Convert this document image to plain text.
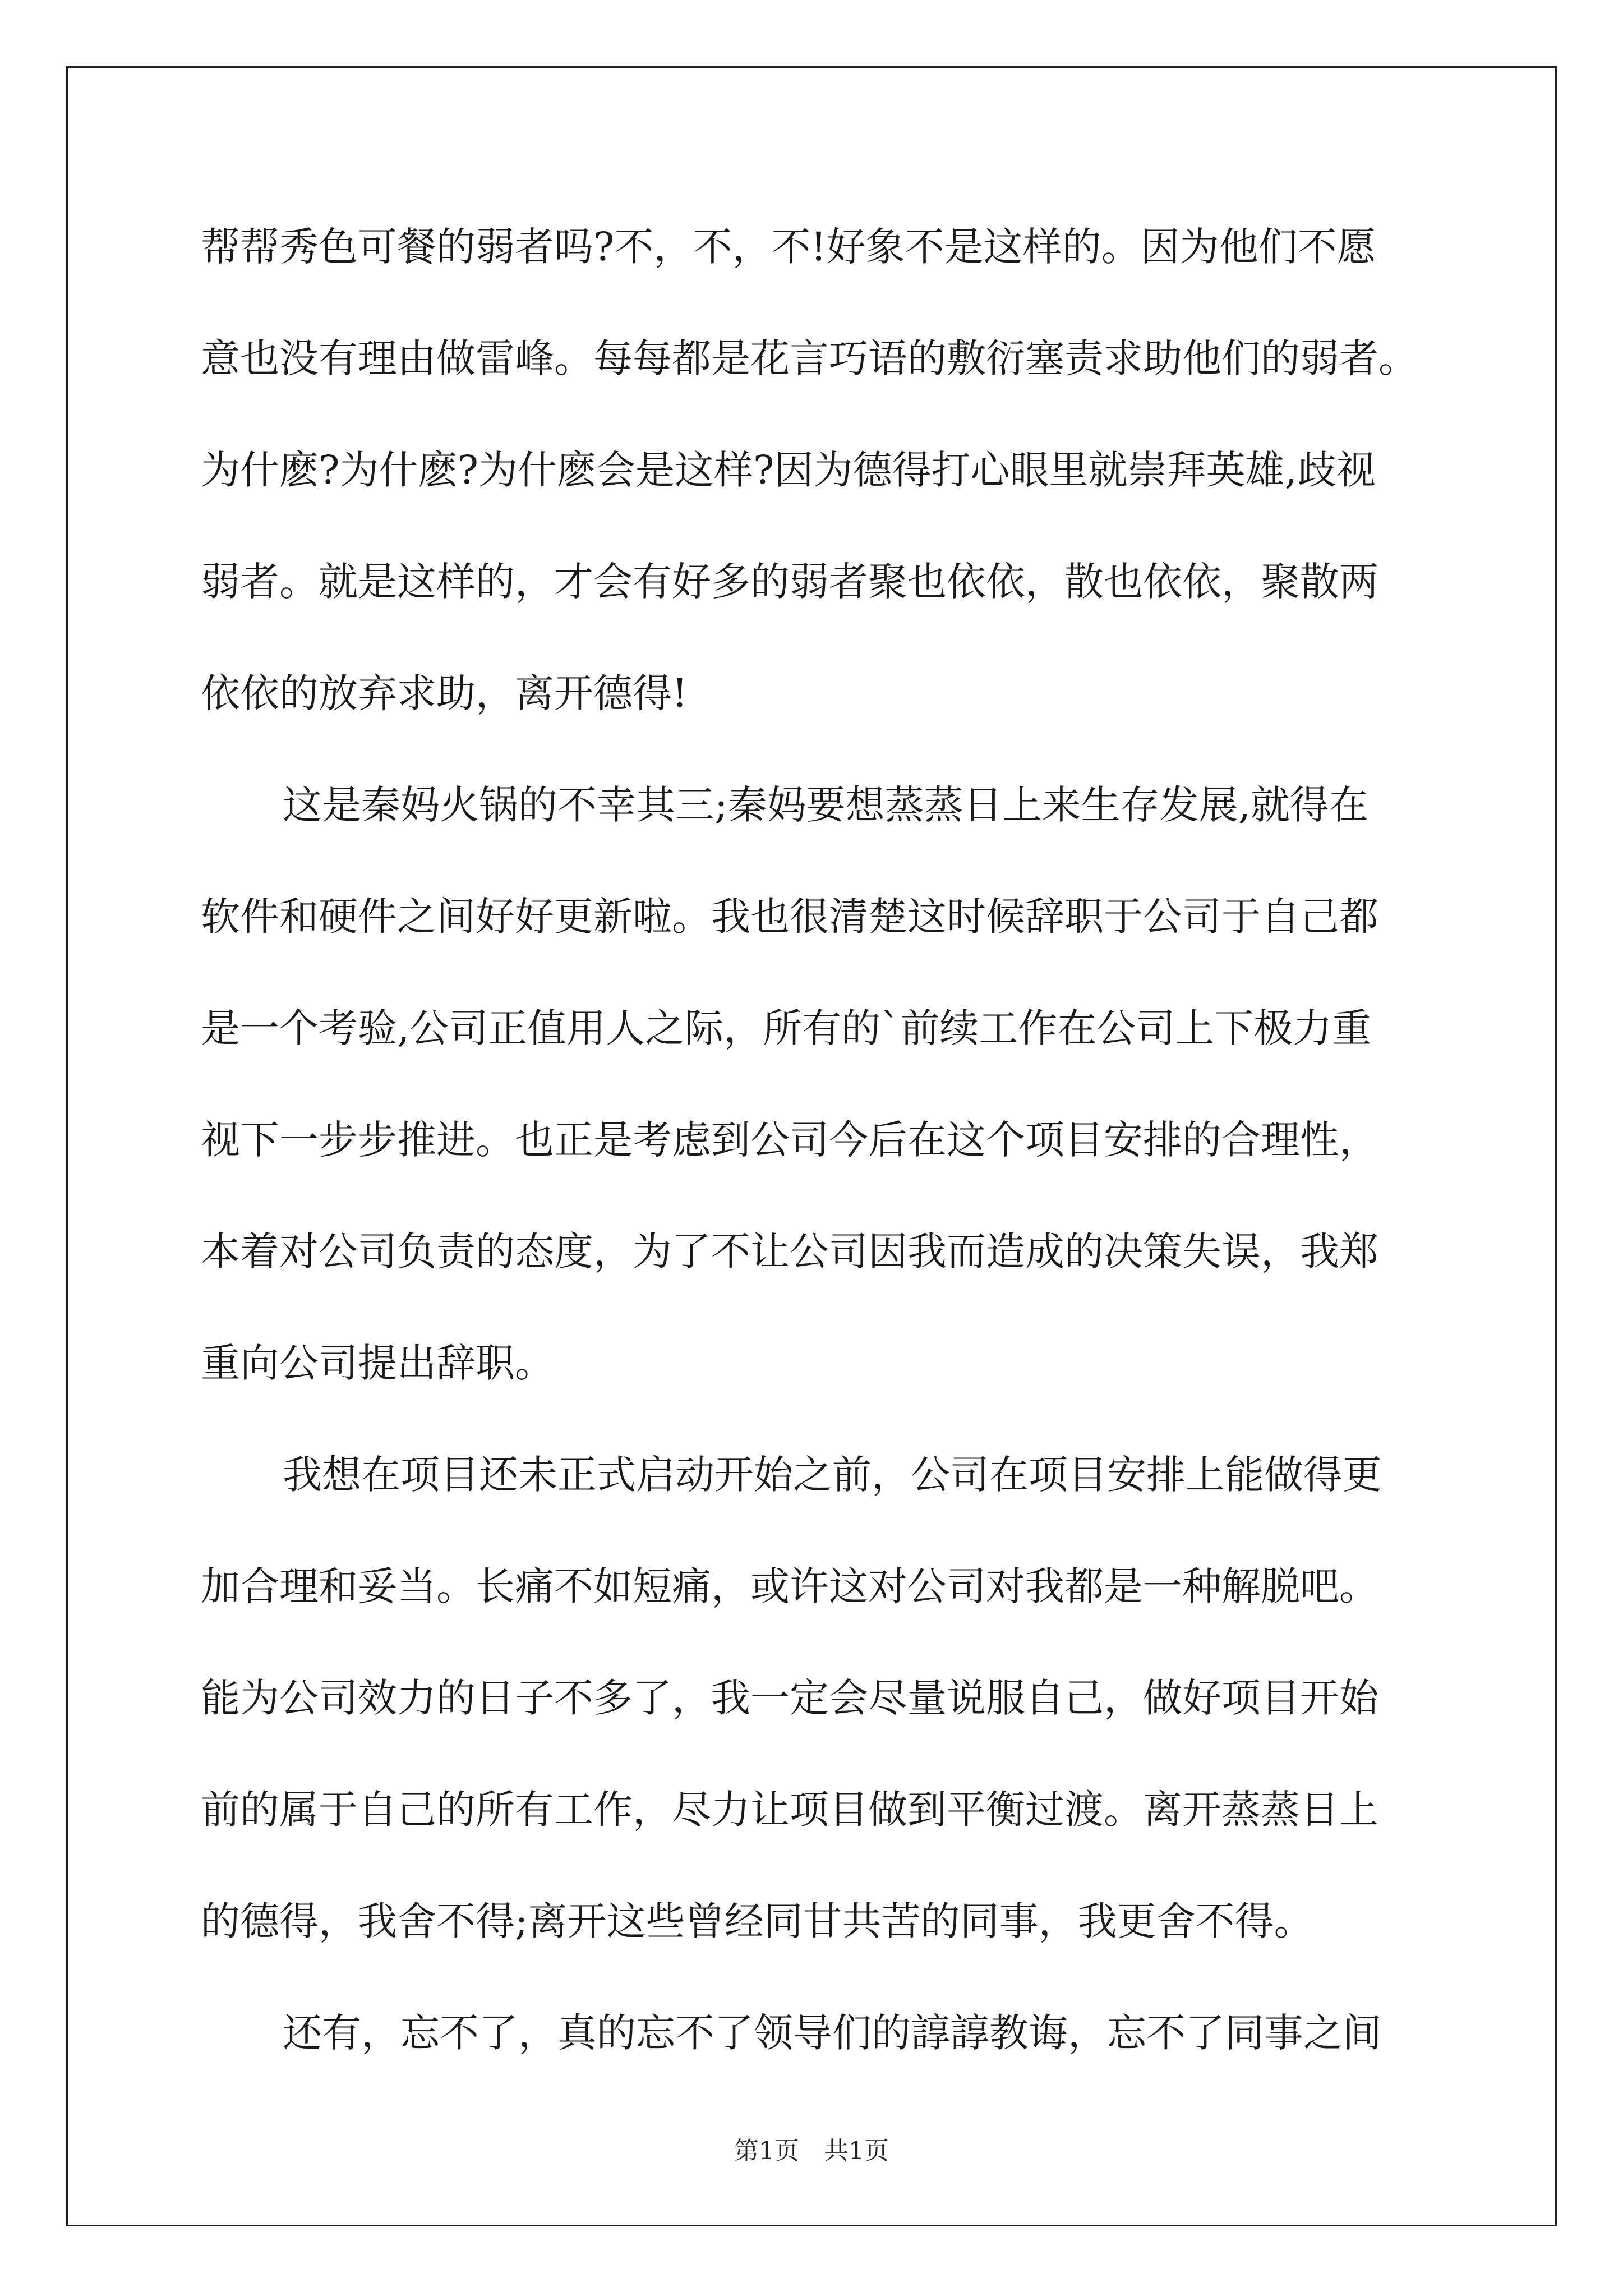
帮帮秀色可餐的弱者吗?不，不，不!好象不是这样的。因为他们不愿
意也没有理由做雷峰。每每都是花言巧语的敷衍塞责求助他们的弱者。
为什麽?为什麽?为什麽会是这样?因为德得打心眼里就崇拜英雄,歧视
弱者。就是这样的，才会有好多的弱者聚也依依，散也依依，聚散两
依依的放弃求助，离开德得!
这是秦妈火锅的不幸其三;秦妈要想蒸蒸日上来生存发展,就得在
软件和硬件之间好好更新啦。我也很清楚这时候辞职于公司于自己都
是一个考验,公司正值用人之际，所有的`前续工作在公司上下极力重
视下一步步推进。也正是考虑到公司今后在这个项目安排的合理性，
本着对公司负责的态度，为了不让公司因我而造成的决策失误，我郑
重向公司提出辞职。
我想在项目还未正式启动开始之前，公司在项目安排上能做得更
加合理和妥当。长痛不如短痛，或许这对公司对我都是一种解脱吧。
能为公司效力的日子不多了，我一定会尽量说服自己，做好项目开始
前的属于自己的所有工作，尽力让项目做到平衡过渡。离开蒸蒸日上
的德得，我舍不得;离开这些曾经同甘共苦的同事，我更舍不得。
还有，忘不了，真的忘不了领导们的諄諄教诲，忘不了同事之间
第1页　共1页
